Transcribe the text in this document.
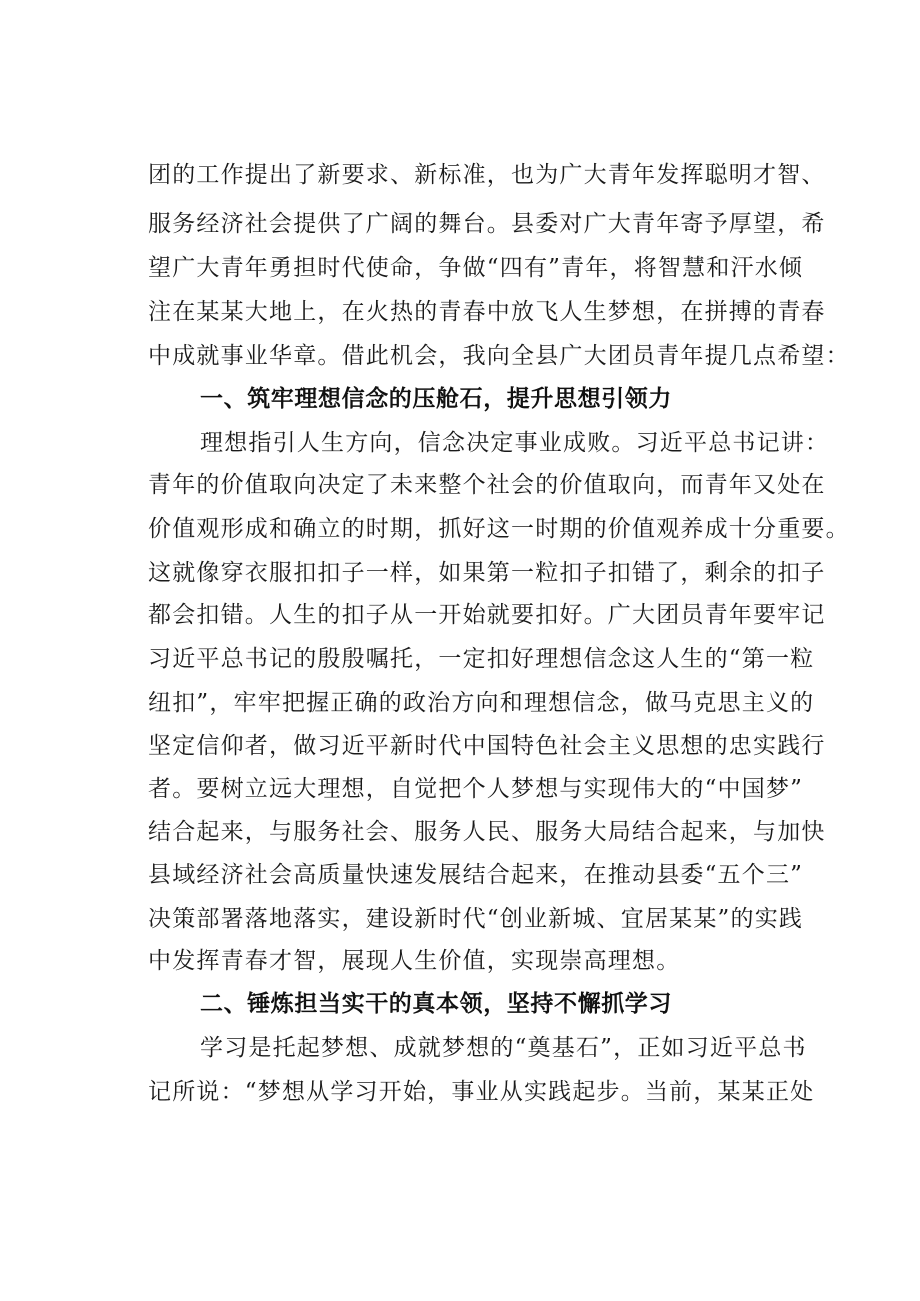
团的工作提出了新要求、新标准，也为广大青年发挥聪明才智、
服务经济社会提供了广阔的舞台。县委对广大青年寄予厚望，希
望广大青年勇担时代使命，争做“四有”青年，将智慧和汗水倾
注在某某大地上，在火热的青春中放飞人生梦想，在拼搏的青春
中成就事业华章。借此机会，我向全县广大团员青年提几点希望：
一、筑牢理想信念的压舱石，提升思想引领力
理想指引人生方向，信念决定事业成败。习近平总书记讲：
青年的价值取向决定了未来整个社会的价值取向，而青年又处在
价值观形成和确立的时期，抓好这一时期的价值观养成十分重要。
这就像穿衣服扣扣子一样，如果第一粒扣子扣错了，剩余的扣子
都会扣错。人生的扣子从一开始就要扣好。广大团员青年要牢记
习近平总书记的殷殷嘱托，一定扣好理想信念这人生的“第一粒
纽扣”，牢牢把握正确的政治方向和理想信念，做马克思主义的
坚定信仰者，做习近平新时代中国特色社会主义思想的忠实践行
者。要树立远大理想，自觉把个人梦想与实现伟大的“中国梦”
结合起来，与服务社会、服务人民、服务大局结合起来，与加快
县域经济社会高质量快速发展结合起来，在推动县委“五个三”
决策部署落地落实，建设新时代“创业新城、宜居某某”的实践
中发挥青春才智，展现人生价值，实现崇高理想。
二、锤炼担当实干的真本领，坚持不懈抓学习
学习是托起梦想、成就梦想的“奠基石”，正如习近平总书
记所说：“梦想从学习开始，事业从实践起步。当前，某某正处
